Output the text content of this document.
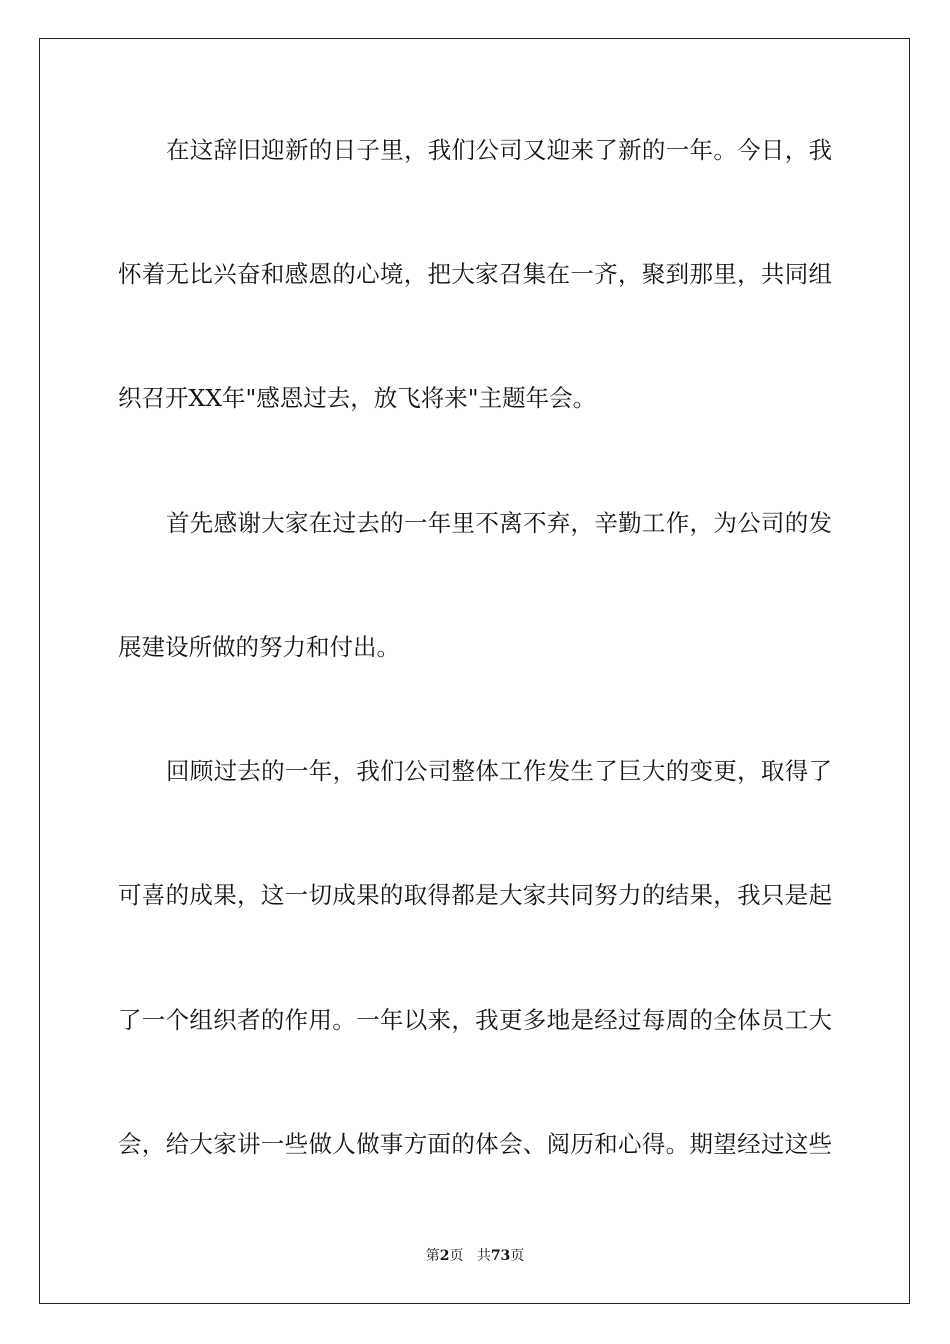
在这辞旧迎新的日子里，我们公司又迎来了新的一年。今日，我
怀着无比兴奋和感恩的心境，把大家召集在一齐，聚到那里，共同组
织召开XX年"感恩过去，放飞将来"主题年会。
首先感谢大家在过去的一年里不离不弃，辛勤工作，为公司的发
展建设所做的努力和付出。
回顾过去的一年，我们公司整体工作发生了巨大的变更，取得了
可喜的成果，这一切成果的取得都是大家共同努力的结果，我只是起
了一个组织者的作用。一年以来，我更多地是经过每周的全体员工大
会，给大家讲一些做人做事方面的体会、阅历和心得。期望经过这些
第2页 共73页
